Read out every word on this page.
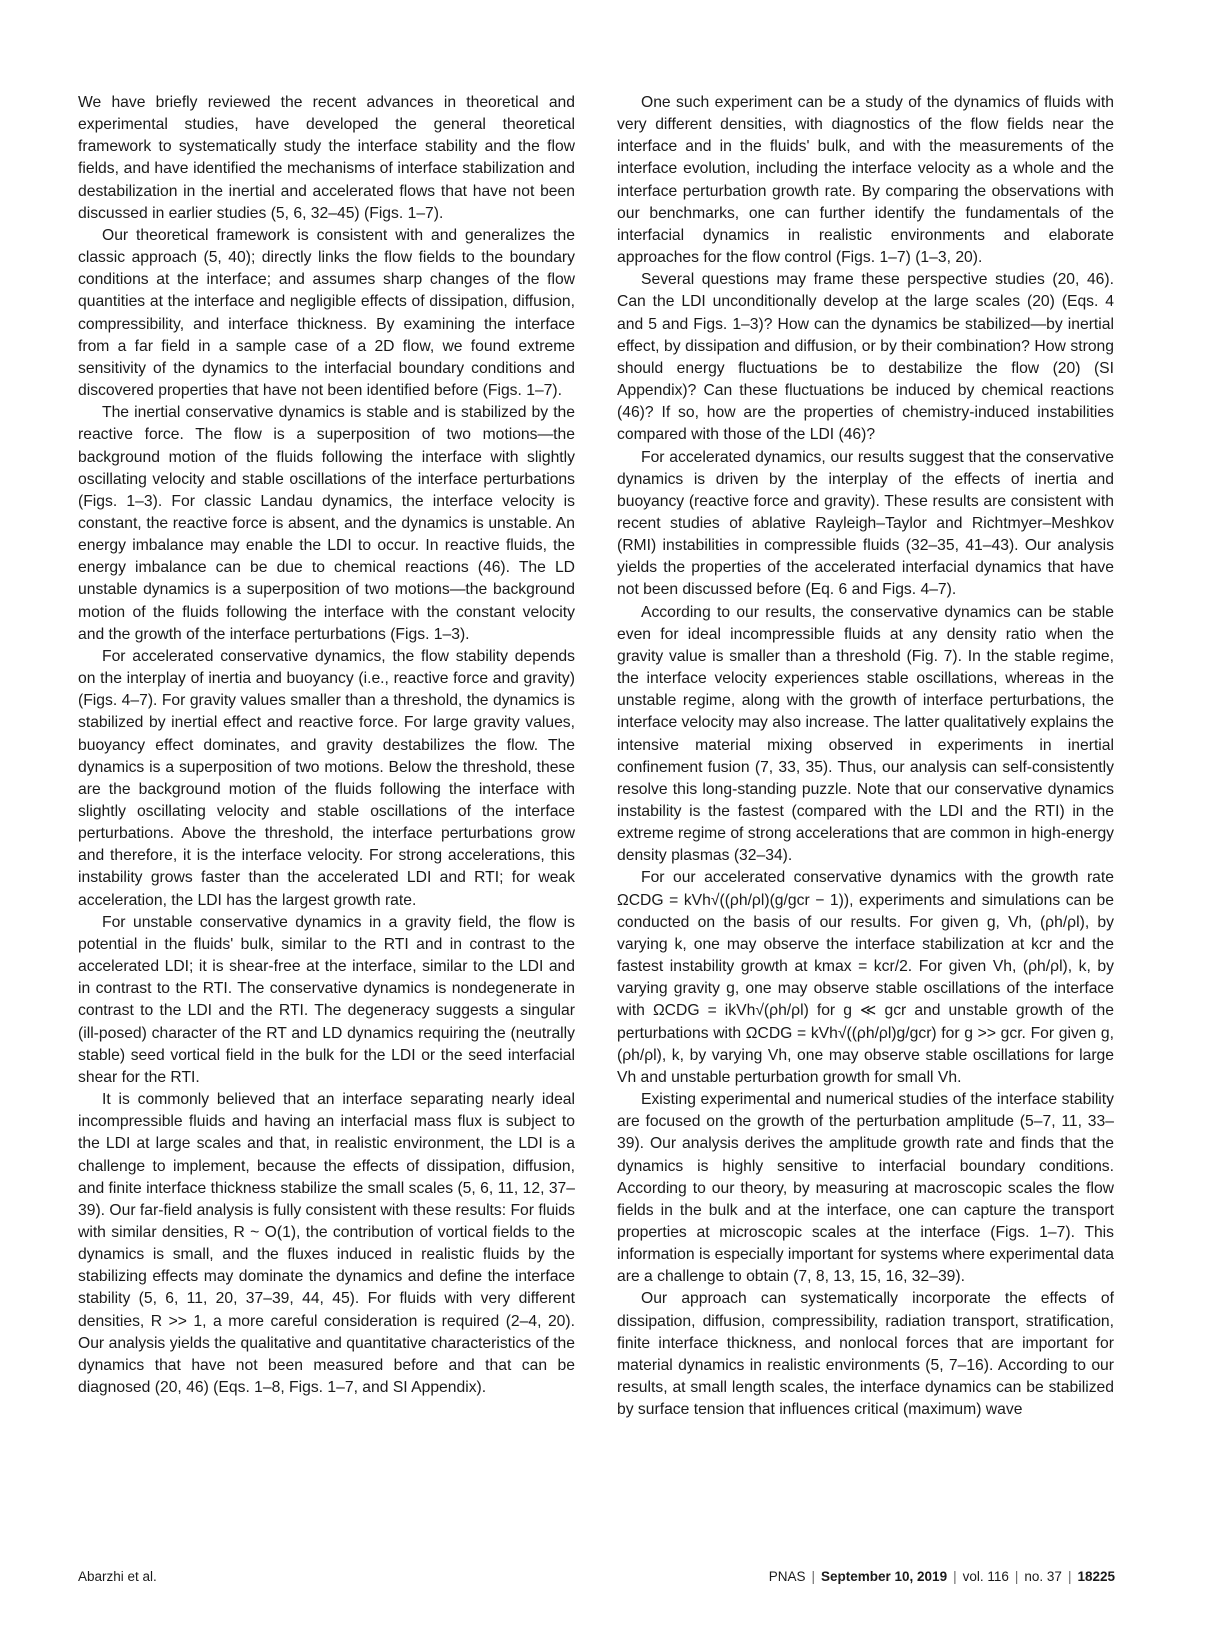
We have briefly reviewed the recent advances in theoretical and experimental studies, have developed the general theoretical framework to systematically study the interface stability and the flow fields, and have identified the mechanisms of interface stabilization and destabilization in the inertial and accelerated flows that have not been discussed in earlier studies (5, 6, 32–45) (Figs. 1–7).

Our theoretical framework is consistent with and generalizes the classic approach (5, 40); directly links the flow fields to the boundary conditions at the interface; and assumes sharp changes of the flow quantities at the interface and negligible effects of dissipation, diffusion, compressibility, and interface thickness. By examining the interface from a far field in a sample case of a 2D flow, we found extreme sensitivity of the dynamics to the interfacial boundary conditions and discovered properties that have not been identified before (Figs. 1–7).

The inertial conservative dynamics is stable and is stabilized by the reactive force. The flow is a superposition of two motions—the background motion of the fluids following the interface with slightly oscillating velocity and stable oscillations of the interface perturbations (Figs. 1–3). For classic Landau dynamics, the interface velocity is constant, the reactive force is absent, and the dynamics is unstable. An energy imbalance may enable the LDI to occur. In reactive fluids, the energy imbalance can be due to chemical reactions (46). The LD unstable dynamics is a superposition of two motions—the background motion of the fluids following the interface with the constant velocity and the growth of the interface perturbations (Figs. 1–3).

For accelerated conservative dynamics, the flow stability depends on the interplay of inertia and buoyancy (i.e., reactive force and gravity) (Figs. 4–7). For gravity values smaller than a threshold, the dynamics is stabilized by inertial effect and reactive force. For large gravity values, buoyancy effect dominates, and gravity destabilizes the flow. The dynamics is a superposition of two motions. Below the threshold, these are the background motion of the fluids following the interface with slightly oscillating velocity and stable oscillations of the interface perturbations. Above the threshold, the interface perturbations grow and therefore, it is the interface velocity. For strong accelerations, this instability grows faster than the accelerated LDI and RTI; for weak acceleration, the LDI has the largest growth rate.

For unstable conservative dynamics in a gravity field, the flow is potential in the fluids' bulk, similar to the RTI and in contrast to the accelerated LDI; it is shear-free at the interface, similar to the LDI and in contrast to the RTI. The conservative dynamics is nondegenerate in contrast to the LDI and the RTI. The degeneracy suggests a singular (ill-posed) character of the RT and LD dynamics requiring the (neutrally stable) seed vortical field in the bulk for the LDI or the seed interfacial shear for the RTI.

It is commonly believed that an interface separating nearly ideal incompressible fluids and having an interfacial mass flux is subject to the LDI at large scales and that, in realistic environment, the LDI is a challenge to implement, because the effects of dissipation, diffusion, and finite interface thickness stabilize the small scales (5, 6, 11, 12, 37–39). Our far-field analysis is fully consistent with these results: For fluids with similar densities, R ~ O(1), the contribution of vortical fields to the dynamics is small, and the fluxes induced in realistic fluids by the stabilizing effects may dominate the dynamics and define the interface stability (5, 6, 11, 20, 37–39, 44, 45). For fluids with very different densities, R >> 1, a more careful consideration is required (2–4, 20). Our analysis yields the qualitative and quantitative characteristics of the dynamics that have not been measured before and that can be diagnosed (20, 46) (Eqs. 1–8, Figs. 1–7, and SI Appendix).

One such experiment can be a study of the dynamics of fluids with very different densities, with diagnostics of the flow fields near the interface and in the fluids' bulk, and with the measurements of the interface evolution, including the interface velocity as a whole and the interface perturbation growth rate. By comparing the observations with our benchmarks, one can further identify the fundamentals of the interfacial dynamics in realistic environments and elaborate approaches for the flow control (Figs. 1–7) (1–3, 20).

Several questions may frame these perspective studies (20, 46). Can the LDI unconditionally develop at the large scales (20) (Eqs. 4 and 5 and Figs. 1–3)? How can the dynamics be stabilized—by inertial effect, by dissipation and diffusion, or by their combination? How strong should energy fluctuations be to destabilize the flow (20) (SI Appendix)? Can these fluctuations be induced by chemical reactions (46)? If so, how are the properties of chemistry-induced instabilities compared with those of the LDI (46)?

For accelerated dynamics, our results suggest that the conservative dynamics is driven by the interplay of the effects of inertia and buoyancy (reactive force and gravity). These results are consistent with recent studies of ablative Rayleigh–Taylor and Richtmyer–Meshkov (RMI) instabilities in compressible fluids (32–35, 41–43). Our analysis yields the properties of the accelerated interfacial dynamics that have not been discussed before (Eq. 6 and Figs. 4–7).

According to our results, the conservative dynamics can be stable even for ideal incompressible fluids at any density ratio when the gravity value is smaller than a threshold (Fig. 7). In the stable regime, the interface velocity experiences stable oscillations, whereas in the unstable regime, along with the growth of interface perturbations, the interface velocity may also increase. The latter qualitatively explains the intensive material mixing observed in experiments in inertial confinement fusion (7, 33, 35). Thus, our analysis can self-consistently resolve this long-standing puzzle. Note that our conservative dynamics instability is the fastest (compared with the LDI and the RTI) in the extreme regime of strong accelerations that are common in high-energy density plasmas (32–34).

For our accelerated conservative dynamics with the growth rate ΩCDG = kVh√((ρh/ρl)(g/gcr − 1)), experiments and simulations can be conducted on the basis of our results. For given g, Vh, (ρh/ρl), by varying k, one may observe the interface stabilization at kcr and the fastest instability growth at kmax = kcr/2. For given Vh, (ρh/ρl), k, by varying gravity g, one may observe stable oscillations of the interface with ΩCDG = ikVh√(ρh/ρl) for g ≪ gcr and unstable growth of the perturbations with ΩCDG = kVh√((ρh/ρl)g/gcr) for g >> gcr. For given g, (ρh/ρl), k, by varying Vh, one may observe stable oscillations for large Vh and unstable perturbation growth for small Vh.

Existing experimental and numerical studies of the interface stability are focused on the growth of the perturbation amplitude (5–7, 11, 33–39). Our analysis derives the amplitude growth rate and finds that the dynamics is highly sensitive to interfacial boundary conditions. According to our theory, by measuring at macroscopic scales the flow fields in the bulk and at the interface, one can capture the transport properties at microscopic scales at the interface (Figs. 1–7). This information is especially important for systems where experimental data are a challenge to obtain (7, 8, 13, 15, 16, 32–39).

Our approach can systematically incorporate the effects of dissipation, diffusion, compressibility, radiation transport, stratification, finite interface thickness, and nonlocal forces that are important for material dynamics in realistic environments (5, 7–16). According to our results, at small length scales, the interface dynamics can be stabilized by surface tension that influences critical (maximum) wave

Abarzhi et al.	PNAS | September 10, 2019 | vol. 116 | no. 37 | 18225
